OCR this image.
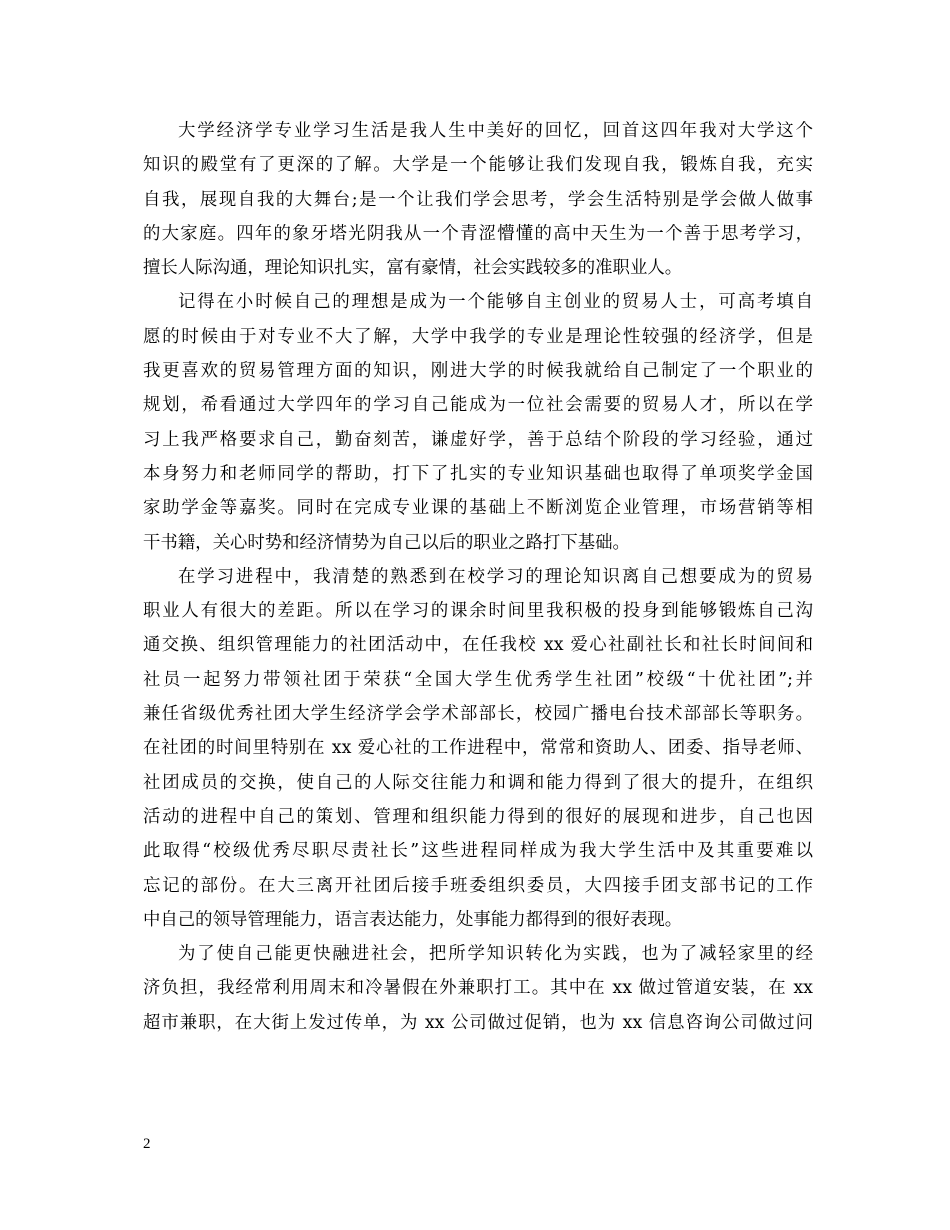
大学经济学专业学习生活是我人生中美好的回忆，回首这四年我对大学这个
知识的殿堂有了更深的了解。大学是一个能够让我们发现自我，锻炼自我，充实
自我，展现自我的大舞台;是一个让我们学会思考，学会生活特别是学会做人做事
的大家庭。四年的象牙塔光阴我从一个青涩懵懂的高中天生为一个善于思考学习，
擅长人际沟通，理论知识扎实，富有豪情，社会实践较多的准职业人。
记得在小时候自己的理想是成为一个能够自主创业的贸易人士，可高考填自
愿的时候由于对专业不大了解，大学中我学的专业是理论性较强的经济学，但是
我更喜欢的贸易管理方面的知识，刚进大学的时候我就给自己制定了一个职业的
规划，希看通过大学四年的学习自己能成为一位社会需要的贸易人才，所以在学
习上我严格要求自己，勤奋刻苦，谦虚好学，善于总结个阶段的学习经验，通过
本身努力和老师同学的帮助，打下了扎实的专业知识基础也取得了单项奖学金国
家助学金等嘉奖。同时在完成专业课的基础上不断浏览企业管理，市场营销等相
干书籍，关心时势和经济情势为自己以后的职业之路打下基础。
在学习进程中，我清楚的熟悉到在校学习的理论知识离自己想要成为的贸易
职业人有很大的差距。所以在学习的课余时间里我积极的投身到能够锻炼自己沟
通交换、组织管理能力的社团活动中，在任我校 xx 爱心社副社长和社长时间间和
社员一起努力带领社团于荣获“全国大学生优秀学生社团”校级“十优社团”;并
兼任省级优秀社团大学生经济学会学术部部长，校园广播电台技术部部长等职务。
在社团的时间里特别在 xx 爱心社的工作进程中，常常和资助人、团委、指导老师、
社团成员的交换，使自己的人际交往能力和调和能力得到了很大的提升，在组织
活动的进程中自己的策划、管理和组织能力得到的很好的展现和进步，自己也因
此取得“校级优秀尽职尽责社长”这些进程同样成为我大学生活中及其重要难以
忘记的部份。在大三离开社团后接手班委组织委员，大四接手团支部书记的工作
中自己的领导管理能力，语言表达能力，处事能力都得到的很好表现。
为了使自己能更快融进社会，把所学知识转化为实践，也为了减轻家里的经
济负担，我经常利用周末和冷暑假在外兼职打工。其中在 xx 做过管道安装，在 xx
超市兼职，在大街上发过传单，为 xx 公司做过促销，也为 xx 信息咨询公司做过问
2
